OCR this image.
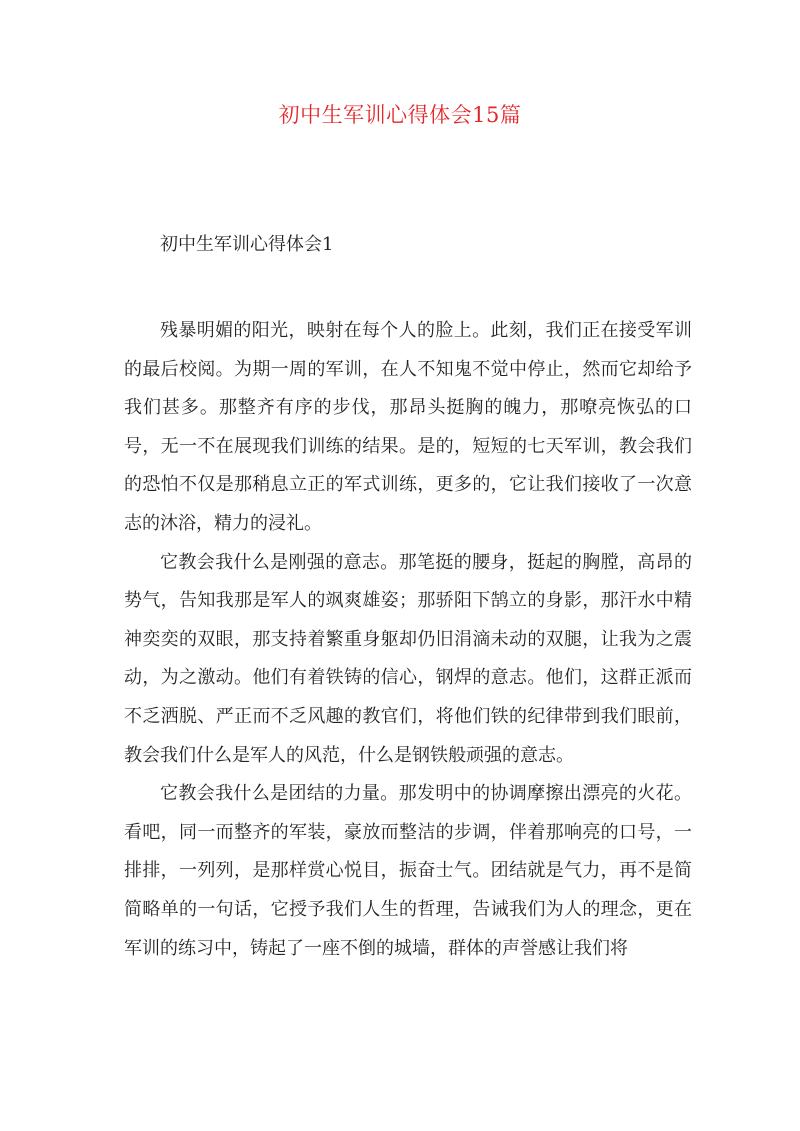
初中生军训心得体会15篇
初中生军训心得体会1

残暴明媚的阳光，映射在每个人的脸上。此刻，我们正在接受军训的最后校阅。为期一周的军训，在人不知鬼不觉中停止，然而它却给予我们甚多。那整齐有序的步伐，那昂头挺胸的魄力，那嘹亮恢弘的口号，无一不在展现我们训练的结果。是的，短短的七天军训，教会我们的恐怕不仅是那稍息立正的军式训练，更多的，它让我们接收了一次意志的沐浴，精力的浸礼。

它教会我什么是刚强的意志。那笔挺的腰身，挺起的胸膛，高昂的势气，告知我那是军人的飒爽雄姿；那骄阳下鹄立的身影，那汗水中精神奕奕的双眼，那支持着繁重身躯却仍旧涓滴未动的双腿，让我为之震动，为之激动。他们有着铁铸的信心，钢焊的意志。他们，这群正派而不乏洒脱、严正而不乏风趣的教官们，将他们铁的纪律带到我们眼前，教会我们什么是军人的风范，什么是钢铁般顽强的意志。

它教会我什么是团结的力量。那发明中的协调摩擦出漂亮的火花。看吧，同一而整齐的军装，豪放而整洁的步调，伴着那响亮的口号，一排排，一列列，是那样赏心悦目，振奋士气。团结就是气力，再不是简简略单的一句话，它授予我们人生的哲理，告诫我们为人的理念，更在军训的练习中，铸起了一座不倒的城墙，群体的声誉感让我们将
